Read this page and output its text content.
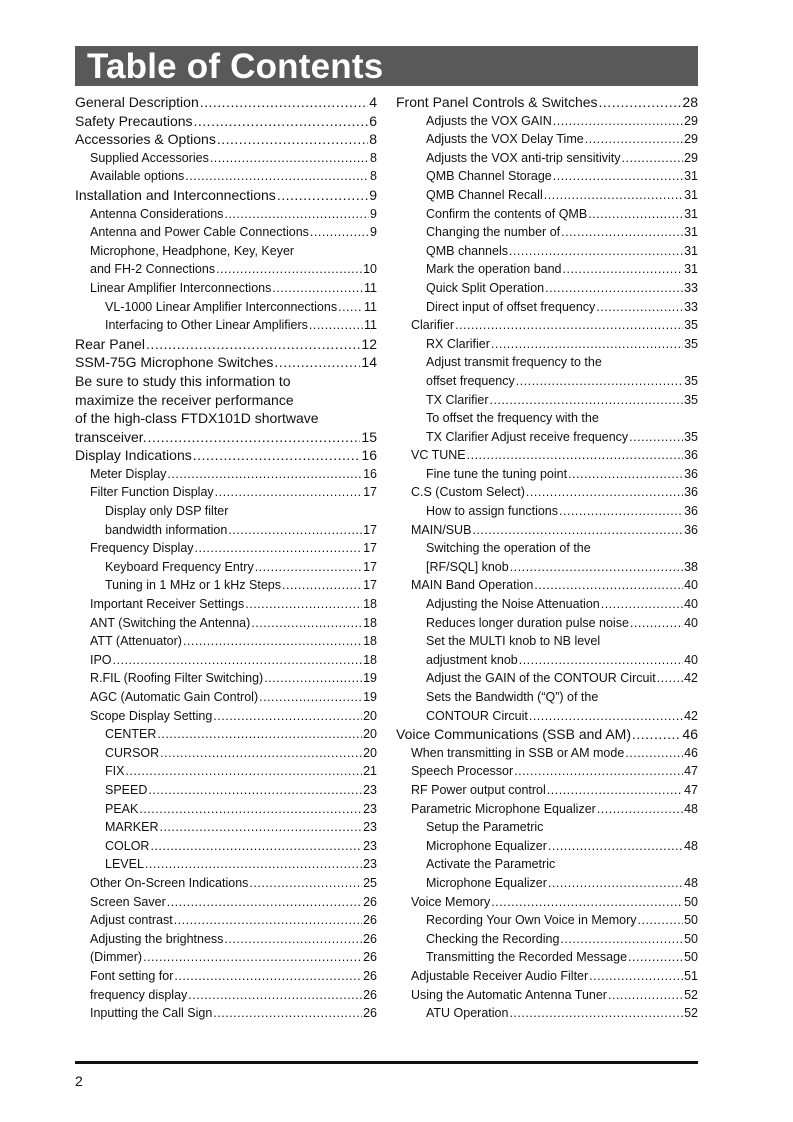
Table of Contents
General Description .....	4
Safety Precautions .....	6
Accessories & Options .....	8
Supplied Accessories .....	8
Available options .....	8
Installation and Interconnections .....	9
Antenna Considerations .....	9
Antenna and Power Cable Connections .....	9
Microphone, Headphone, Key, Keyer
and FH-2 Connections .....	10
Linear Amplifier Interconnections .....	11
VL-1000 Linear Amplifier Interconnections ..... 11
Interfacing to Other Linear Amplifiers .....	11
Rear Panel .....	12
SSM-75G Microphone Switches .....	14
Be sure to study this information to
maximize the receiver performance
of the high-class FTDX101D shortwave
transceiver. .....	15
Display Indications .....	16
Meter Display .....	16
Filter Function Display .....	17
Display only DSP filter
bandwidth information .....	17
Frequency Display .....	17
Keyboard Frequency Entry .....	17
Tuning in 1 MHz or 1 kHz Steps .....	17
Important Receiver Settings .....	18
ANT (Switching the Antenna) .....	18
ATT (Attenuator) .....	18
IPO .....	18
R.FIL (Roofing Filter Switching) .....	19
AGC (Automatic Gain Control) .....	19
Scope Display Setting .....	20
CENTER .....	20
CURSOR .....	20
FIX .....	21
SPEED .....	23
PEAK .....	23
MARKER .....	23
COLOR .....	23
LEVEL .....	23
Other On-Screen Indications .....	25
Screen Saver .....	26
Adjust contrast .....	26
Adjusting the brightness .....	26
(Dimmer) .....	26
Font setting for .....	26
frequency display .....	26
Inputting the Call Sign .....	26
Front Panel Controls & Switches .....	28
Adjusts the VOX GAIN .....	29
Adjusts the VOX Delay Time .....	29
Adjusts the VOX anti-trip sensitivity .....	29
QMB Channel Storage .....	31
QMB Channel Recall .....	31
Confirm the contents of QMB .....	31
Changing the number of .....	31
QMB channels .....	31
Mark the operation band .....	31
Quick Split Operation .....	33
Direct input of offset frequency .....	33
Clarifier .....	35
RX Clarifier .....	35
Adjust transmit frequency to the
offset frequency .....	35
TX Clarifier .....	35
To offset the frequency with the
TX Clarifier Adjust receive frequency .....	35
VC TUNE .....	36
Fine tune the tuning point .....	36
C.S (Custom Select) .....	36
How to assign functions .....	36
MAIN/SUB .....	36
Switching the operation of the
[RF/SQL] knob .....	38
MAIN Band Operation .....	40
Adjusting the Noise Attenuation .....	40
Reduces longer duration pulse noise .....	40
Set the MULTI knob to NB level
adjustment knob .....	40
Adjust the GAIN of the CONTOUR Circuit ..... 42
Sets the Bandwidth (“Q”) of the
CONTOUR Circuit .....	42
Voice Communications (SSB and AM) .....	46
When transmitting in SSB or AM mode .....	46
Speech Processor .....	47
RF Power output control .....	47
Parametric Microphone Equalizer .....	48
Setup the Parametric
Microphone Equalizer .....	48
Activate the Parametric
Microphone Equalizer .....	48
Voice Memory .....	50
Recording Your Own Voice in Memory .....	50
Checking the Recording .....	50
Transmitting the Recorded Message .....	50
Adjustable Receiver Audio Filter .....	51
Using the Automatic Antenna Tuner .....	52
ATU Operation .....	52
2
